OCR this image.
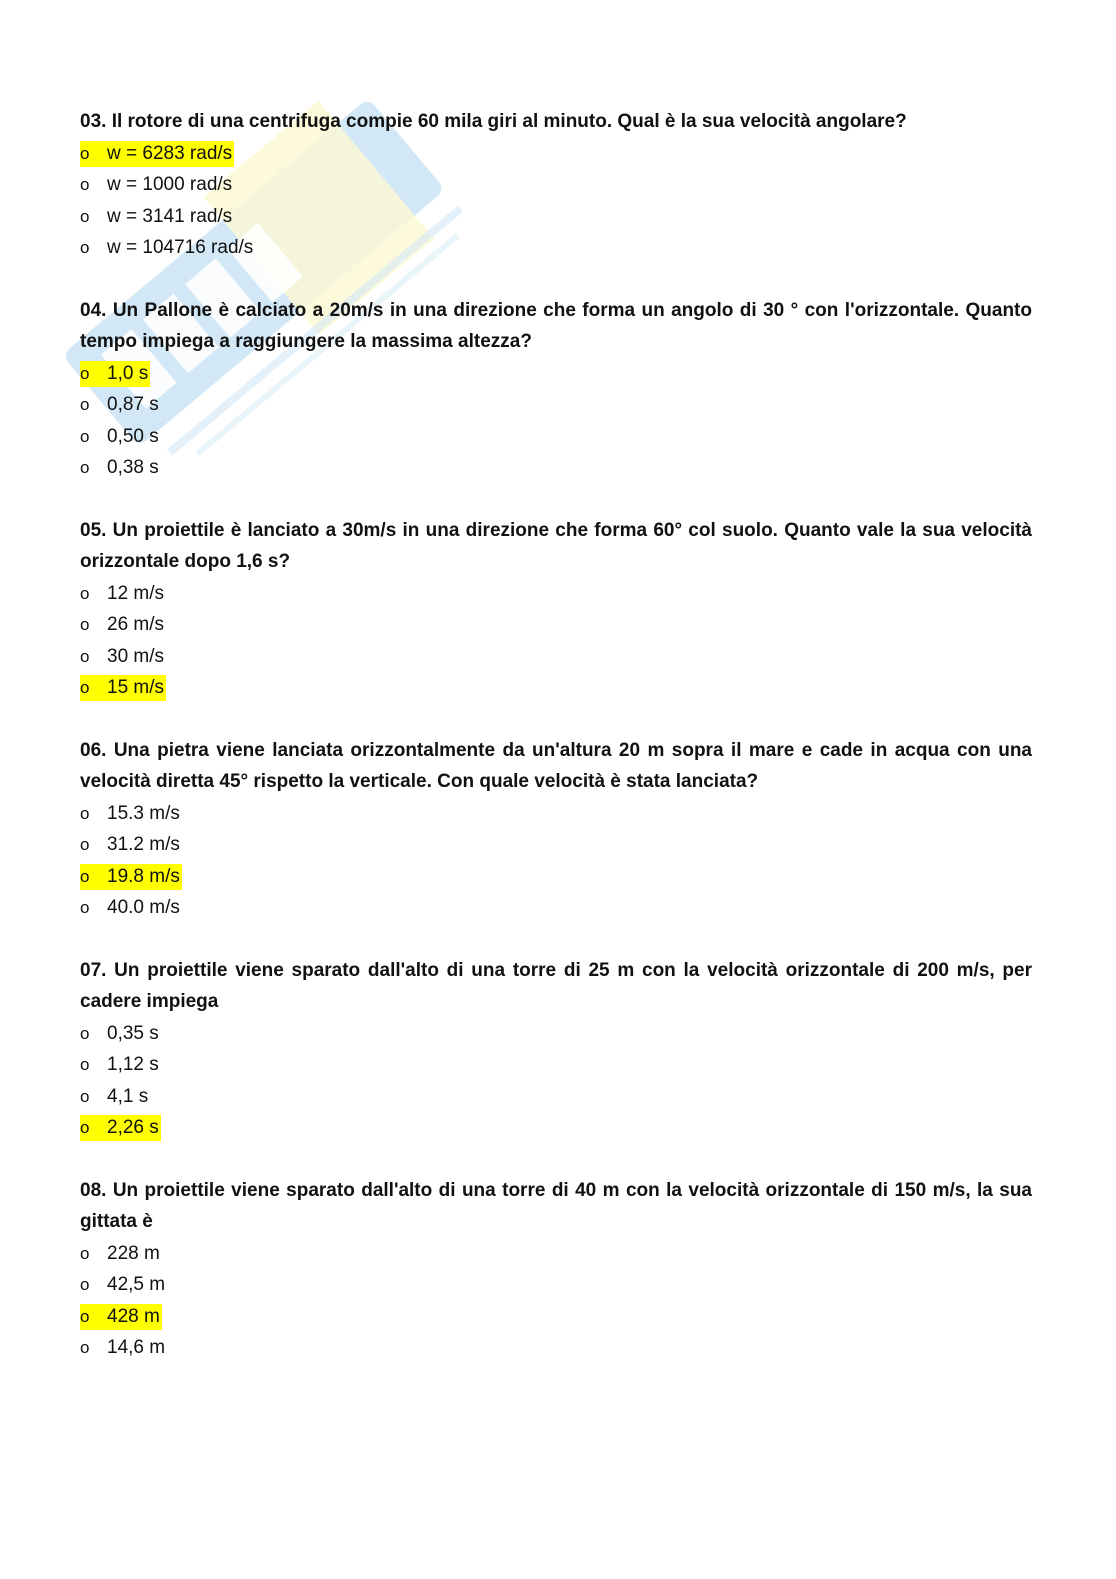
03. Il rotore di una centrifuga compie 60 mila giri al minuto. Qual è la sua velocità angolare?

o w = 6283 rad/s
o w = 1000 rad/s
o w = 3141 rad/s
o w = 104716 rad/s

04. Un Pallone è calciato a 20m/s in una direzione che forma un angolo di 30 ° con l'orizzontale. Quanto tempo impiega a raggiungere la massima altezza?

o 1,0 s
o 0,87 s
o 0,50 s
o 0,38 s

05. Un proiettile è lanciato a 30m/s in una direzione che forma 60° col suolo. Quanto vale la sua velocità orizzontale dopo 1,6 s?

o 12 m/s
o 26 m/s
o 30 m/s
o 15 m/s

06. Una pietra viene lanciata orizzontalmente da un'altura 20 m sopra il mare e cade in acqua con una velocità diretta 45° rispetto la verticale. Con quale velocità è stata lanciata?

o 15.3 m/s
o 31.2 m/s
o 19.8 m/s
o 40.0 m/s

07. Un proiettile viene sparato dall'alto di una torre di 25 m con la velocità orizzontale di 200 m/s, per cadere impiega

o 0,35 s
o 1,12 s
o 4,1 s
o 2,26 s

08. Un proiettile viene sparato dall'alto di una torre di 40 m con la velocità orizzontale di 150 m/s, la sua gittata è

o 228 m
o 42,5 m
o 428 m
o 14,6 m
